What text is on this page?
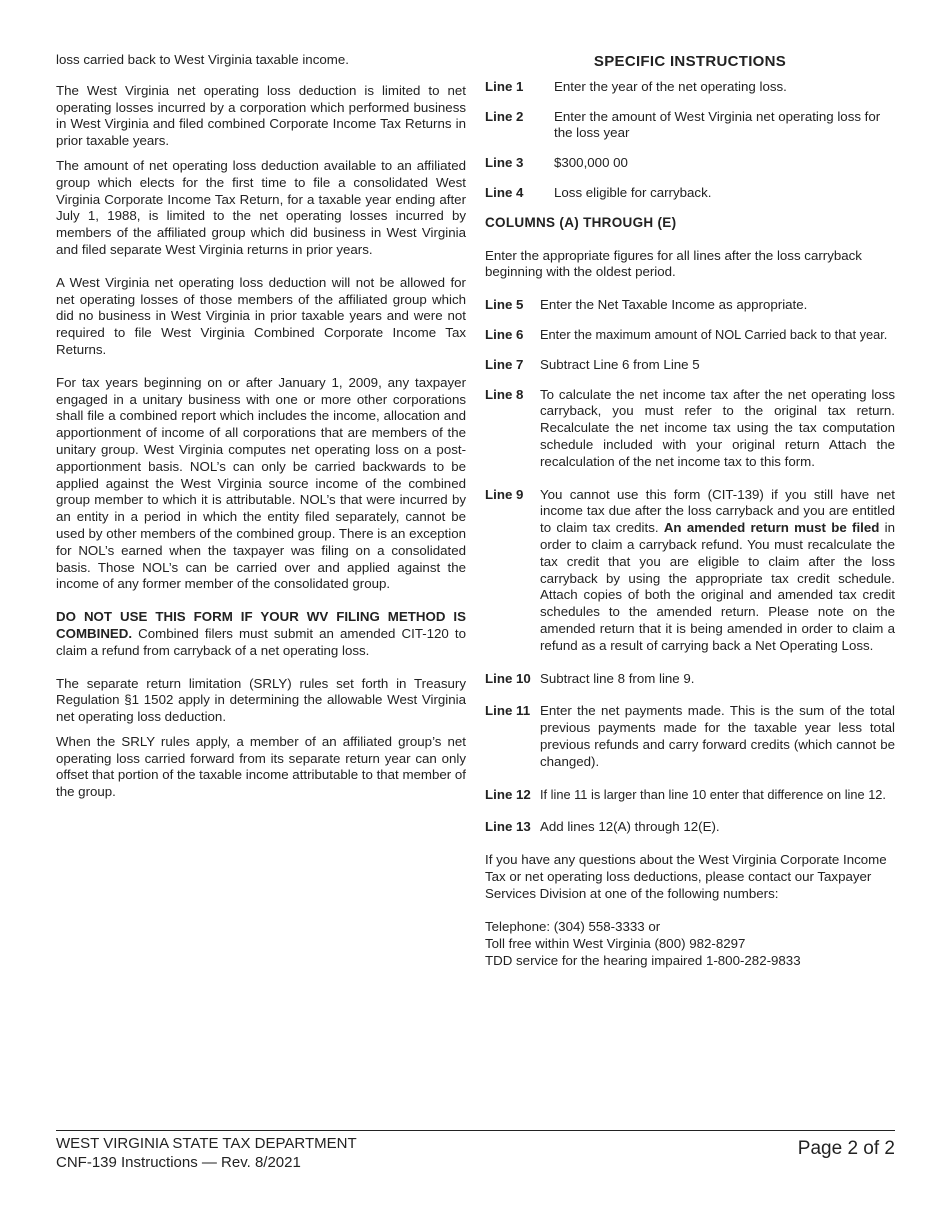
loss carried back to West Virginia taxable income.

The West Virginia net operating loss deduction is limited to net operating losses incurred by a corporation which performed business in West Virginia and filed combined Corporate Income Tax Returns in prior taxable years.

The amount of net operating loss deduction available to an affiliated group which elects for the first time to file a consolidated West Virginia Corporate Income Tax Return, for a taxable year ending after July 1, 1988, is limited to the net operating losses incurred by members of the affiliated group which did business in West Virginia and filed separate West Virginia returns in prior years.

A West Virginia net operating loss deduction will not be allowed for net operating losses of those members of the affiliated group which did no business in West Virginia in prior taxable years and were not required to file West Virginia Combined Corporate Income Tax Returns.

For tax years beginning on or after January 1, 2009, any taxpayer engaged in a unitary business with one or more other corporations shall file a combined report which includes the income, allocation and apportionment of income of all corporations that are members of the unitary group. West Virginia computes net operating loss on a post-apportionment basis. NOL’s can only be carried backwards to be applied against the West Virginia source income of the combined group member to which it is attributable. NOL’s that were incurred by an entity in a period in which the entity filed separately, cannot be used by other members of the combined group. There is an exception for NOL’s earned when the taxpayer was filing on a consolidated basis. Those NOL’s can be carried over and applied against the income of any former member of the consolidated group.

DO NOT USE THIS FORM IF YOUR WV FILING METHOD IS COMBINED. Combined filers must submit an amended CIT-120 to claim a refund from carryback of a net operating loss.

The separate return limitation (SRLY) rules set forth in Treasury Regulation §1 1502 apply in determining the allowable West Virginia net operating loss deduction.

When the SRLY rules apply, a member of an affiliated group’s net operating loss carried forward from its separate return year can only offset that portion of the taxable income attributable to that member of the group.

SPECIFIC INSTRUCTIONS
Line 1	Enter the year of the net operating loss.
Line 2	Enter the amount of West Virginia net operating loss for the loss year
Line 3	$300,000 00
Line 4	Loss eligible for carryback.
COLUMNS (A) THROUGH (E)

Enter the appropriate figures for all lines after the loss carryback beginning with the oldest period.

Line 5	Enter the Net Taxable Income as appropriate.
Line 6	Enter the maximum amount of NOL Carried back to that year.
Line 7	Subtract Line 6 from Line 5
Line 8	To calculate the net income tax after the net operating loss carryback, you must refer to the original tax return. Recalculate the net income tax using the tax computation schedule included with your original return Attach the recalculation of the net income tax to this form.
Line 9	You cannot use this form (CIT-139) if you still have net income tax due after the loss carryback and you are entitled to claim tax credits. An amended return must be filed in order to claim a carryback refund. You must recalculate the tax credit that you are eligible to claim after the loss carryback by using the appropriate tax credit schedule. Attach copies of both the original and amended tax credit schedules to the amended return. Please note on the amended return that it is being amended in order to claim a refund as a result of carrying back a Net Operating Loss.
Line 10 Subtract line 8 from line 9.
Line 11 Enter the net payments made. This is the sum of the total previous payments made for the taxable year less total previous refunds and carry forward credits (which cannot be changed).
Line 12 If line 11 is larger than line 10 enter that difference on line 12.
Line 13 Add lines 12(A) through 12(E).

If you have any questions about the West Virginia Corporate Income Tax or net operating loss deductions, please contact our Taxpayer Services Division at one of the following numbers:

Telephone: (304) 558-3333 or
Toll free within West Virginia (800) 982-8297
TDD service for the hearing impaired 1-800-282-9833
WEST VIRGINIA STATE TAX DEPARTMENT
CNF-139 Instructions — Rev. 8/2021
Page 2 of 2
